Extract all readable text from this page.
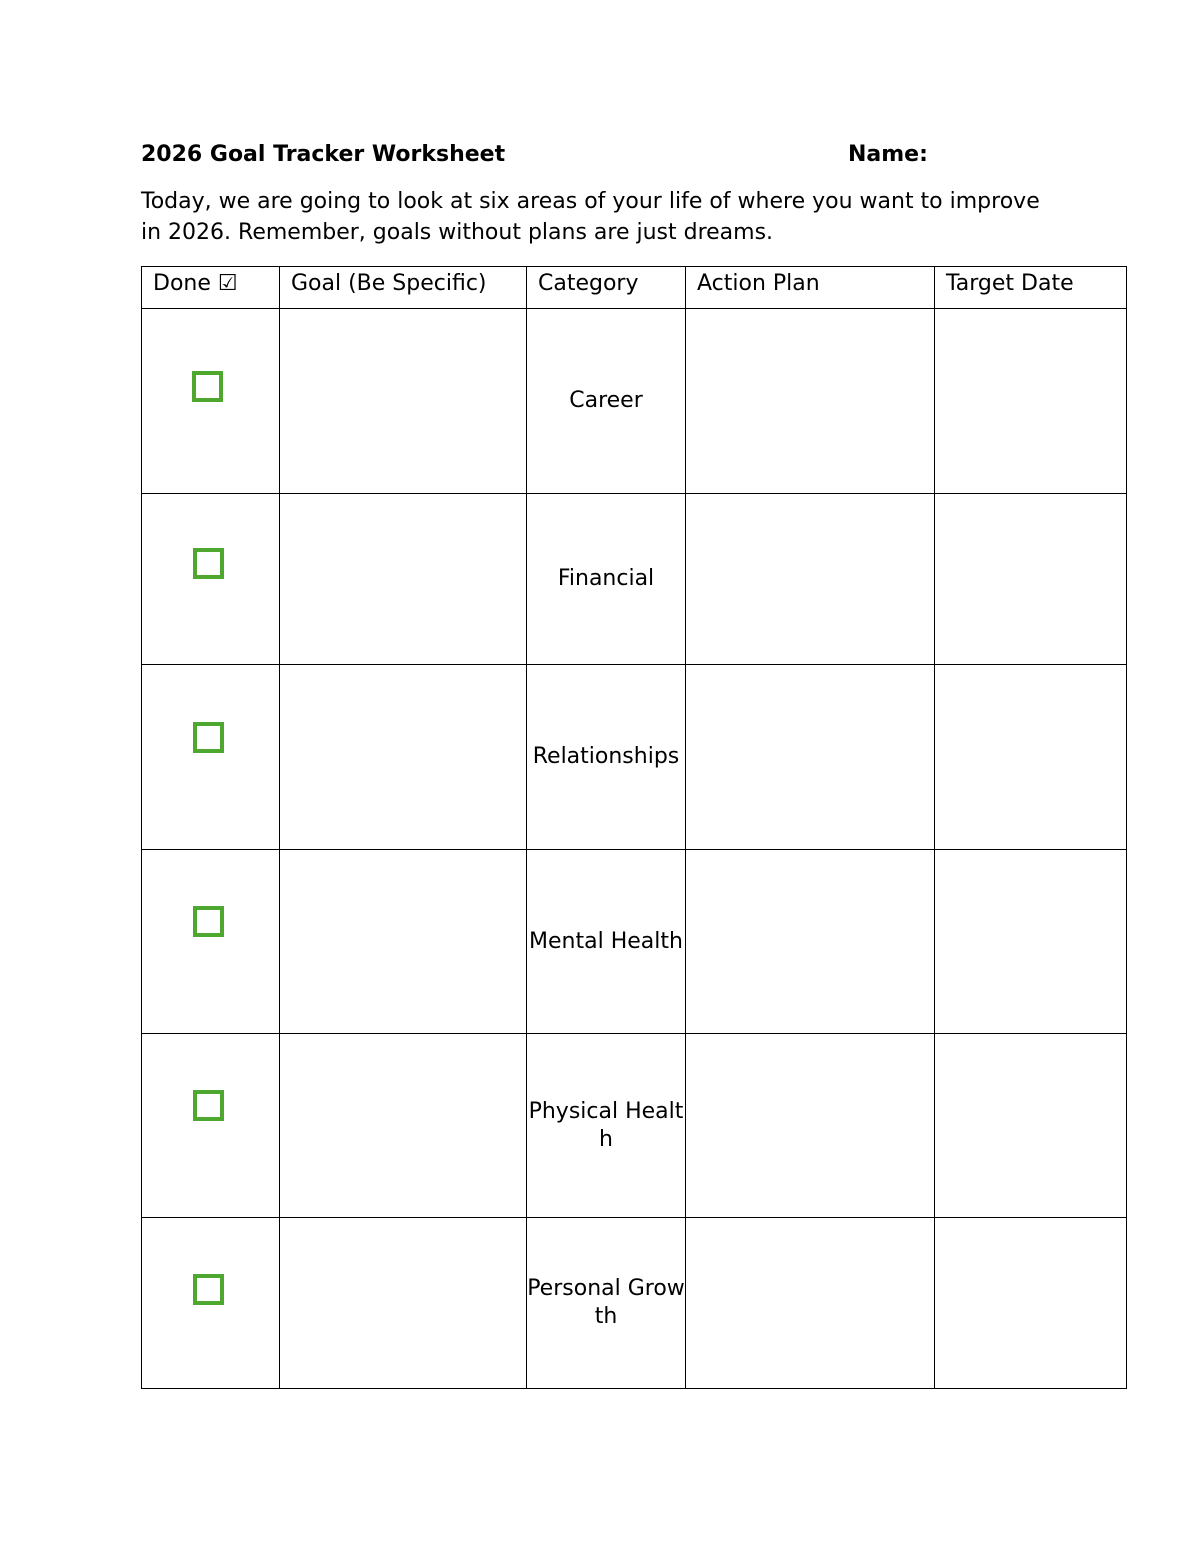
2026 Goal Tracker Worksheet	Name:

Today, we are going to look at six areas of your life of where you want to improve in 2026. Remember, goals without plans are just dreams.

Done ☑	Goal (Be Specific)	Category	Action Plan	Target Date
		Career		
		Financial		
		Relationships		
		Mental Health		
		Physical Health		
		Personal Growth		
